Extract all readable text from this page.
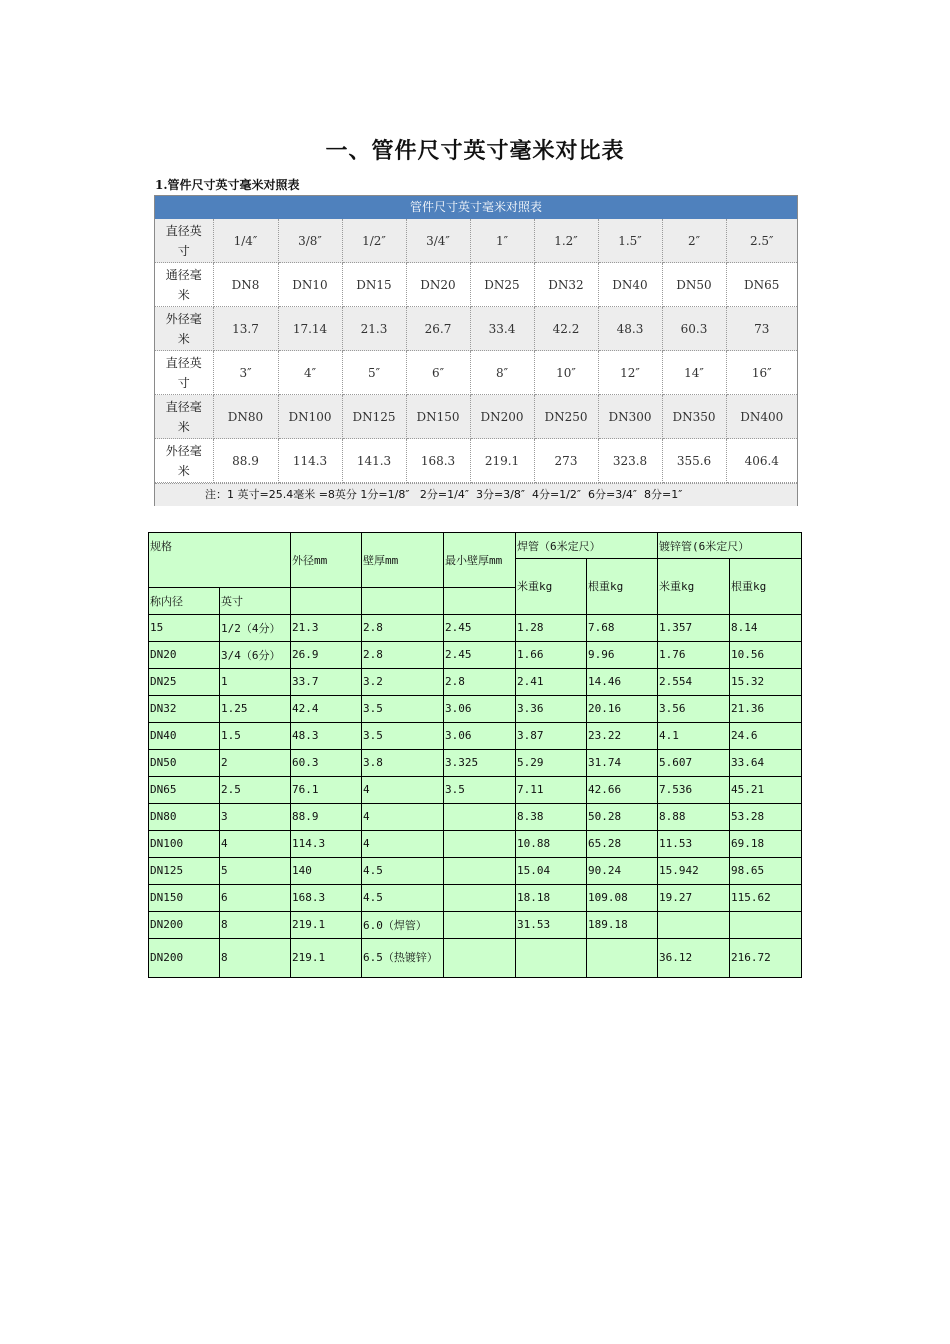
一、管件尺寸英寸毫米对比表
1.管件尺寸英寸毫米对照表
管件尺寸英寸毫米对照表
直径英寸	1/4″	3/8″	1/2″	3/4″	1″	1.2″	1.5″	2″	2.5″
通径毫米	DN8	DN10	DN15	DN20	DN25	DN32	DN40	DN50	DN65
外径毫米	13.7	17.14	21.3	26.7	33.4	42.2	48.3	60.3	73
直径英寸	3″	4″	5″	6″	8″	10″	12″	14″	16″
直径毫米	DN80	DN100	DN125	DN150	DN200	DN250	DN300	DN350	DN400
外径毫米	88.9	114.3	141.3	168.3	219.1	273	323.8	355.6	406.4
注：1 英寸=25.4毫米 =8英分 1分=1/8″   2分=1/4″  3分=3/8″  4分=1/2″  6分=3/4″  8分=1″
规格		外径mm	壁厚mm	最小壁厚mm	焊管（6米定尺）		镀锌管(6米定尺）	
					米重kg	根重kg	米重kg	根重kg
称内径	英寸							
15	1/2（4分）	21.3	2.8	2.45	1.28	7.68	1.357	8.14
DN20	3/4（6分）	26.9	2.8	2.45	1.66	9.96	1.76	10.56
DN25	1	33.7	3.2	2.8	2.41	14.46	2.554	15.32
DN32	1.25	42.4	3.5	3.06	3.36	20.16	3.56	21.36
DN40	1.5	48.3	3.5	3.06	3.87	23.22	4.1	24.6
DN50	2	60.3	3.8	3.325	5.29	31.74	5.607	33.64
DN65	2.5	76.1	4	3.5	7.11	42.66	7.536	45.21
DN80	3	88.9	4		8.38	50.28	8.88	53.28
DN100	4	114.3	4		10.88	65.28	11.53	69.18
DN125	5	140	4.5		15.04	90.24	15.942	98.65
DN150	6	168.3	4.5		18.18	109.08	19.27	115.62
DN200	8	219.1	6.0（焊管）		31.53	189.18		
DN200	8	219.1	6.5（热镀锌）				36.12	216.72
